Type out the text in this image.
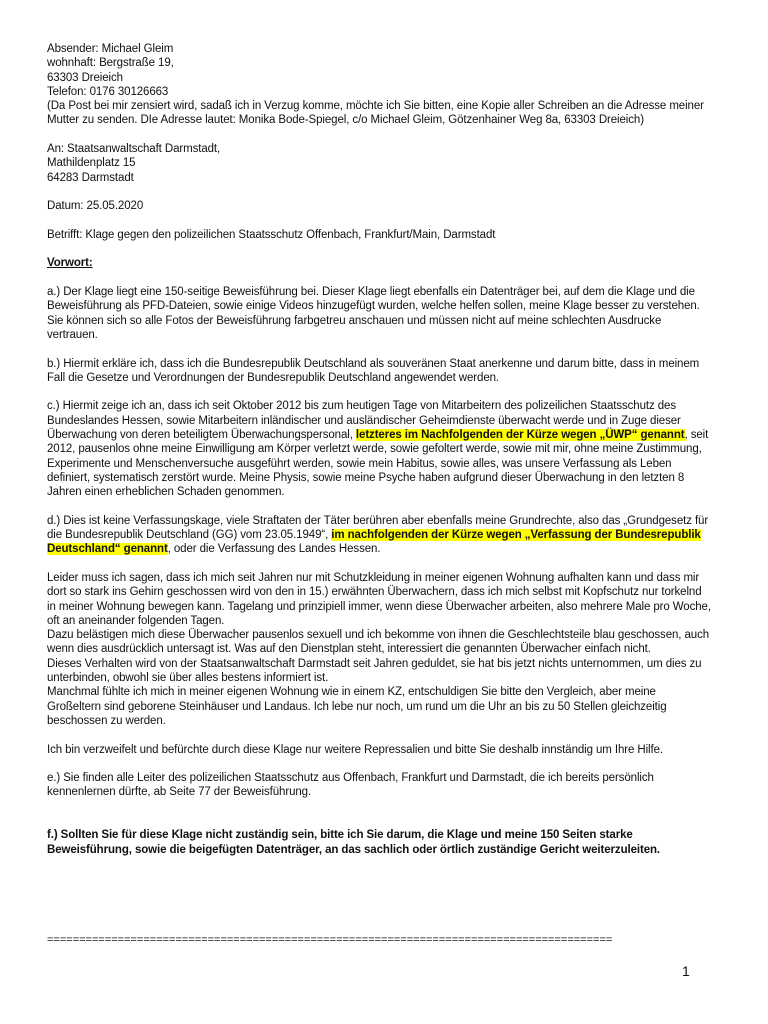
Absender: Michael Gleim

wohnhaft: Bergstraße 19,

63303 Dreieich

Telefon: 0176 30126663

(Da Post bei mir zensiert wird, sadaß ich in Verzug komme, möchte ich Sie bitten, eine Kopie aller Schreiben an die Adresse meiner Mutter zu senden. DIe Adresse lautet: Monika Bode-Spiegel, c/o Michael Gleim, Götzenhainer Weg 8a, 63303 Dreieich)

An: Staatsanwaltschaft Darmstadt,

Mathildenplatz 15

64283 Darmstadt

Datum: 25.05.2020

Betrifft: Klage gegen den polizeilichen Staatsschutz Offenbach, Frankfurt/Main, Darmstadt

Vorwort:

a.) Der Klage liegt eine 150-seitige Beweisführung bei. Dieser Klage liegt ebenfalls ein Datenträger bei, auf dem die Klage und die Beweisführung als PFD-Dateien, sowie einige Videos hinzugefügt wurden, welche helfen sollen, meine Klage besser zu verstehen. Sie können sich so alle Fotos der Beweisführung farbgetreu anschauen und müssen nicht auf meine schlechten Ausdrucke vertrauen.

b.) Hiermit erkläre ich, dass ich die Bundesrepublik Deutschland als souveränen Staat anerkenne und darum bitte, dass in meinem Fall die Gesetze und Verordnungen der Bundesrepublik Deutschland angewendet werden.

c.) Hiermit zeige ich an, dass ich seit Oktober 2012 bis zum heutigen Tage von Mitarbeitern des polizeilichen Staatsschutz des Bundeslandes Hessen, sowie Mitarbeitern inländischer und ausländischer Geheimdienste überwacht werde und in Zuge dieser Überwachung von deren beteiligtem Überwachungspersonal, letzteres im Nachfolgenden der Kürze wegen „ÜWP“ genannt, seit 2012, pausenlos ohne meine Einwilligung am Körper verletzt werde, sowie gefoltert werde, sowie mit mir, ohne meine Zustimmung, Experimente und Menschenversuche ausgeführt werden, sowie mein Habitus, sowie alles, was unsere Verfassung als Leben definiert, systematisch zerstört wurde. Meine Physis, sowie meine Psyche haben aufgrund dieser Überwachung in den letzten 8 Jahren einen erheblichen Schaden genommen.

d.) Dies ist keine Verfassungskage, viele Straftaten der Täter berühren aber ebenfalls meine Grundrechte, also das „Grundgesetz für die Bundesrepublik Deutschland (GG) vom 23.05.1949“, im nachfolgenden der Kürze wegen „Verfassung der Bundesrepublik Deutschland“ genannt, oder die Verfassung des Landes Hessen.

Leider muss ich sagen, dass ich mich seit Jahren nur mit Schutzkleidung in meiner eigenen Wohnung aufhalten kann und dass mir dort so stark ins Gehirn geschossen wird von den in 15.) erwähnten Überwachern, dass ich mich selbst mit Kopfschutz nur torkelnd in meiner Wohnung bewegen kann. Tagelang und prinzipiell immer, wenn diese Überwacher arbeiten, also mehrere Male pro Woche, oft an aneinander folgenden Tagen.

Dazu belästigen mich diese Überwacher pausenlos sexuell und ich bekomme von ihnen die Geschlechtsteile blau geschossen, auch wenn dies ausdrücklich untersagt ist. Was auf den Dienstplan steht, interessiert die genannten Überwacher einfach nicht.

Dieses Verhalten wird von der Staatsanwaltschaft Darmstadt seit Jahren geduldet, sie hat bis jetzt nichts unternommen, um dies zu unterbinden, obwohl sie über alles bestens informiert ist.

Manchmal fühlte ich mich in meiner eigenen Wohnung wie in einem KZ, entschuldigen Sie bitte den Vergleich, aber meine Großeltern sind geborene Steinhäuser und Landaus. Ich lebe nur noch, um rund um die Uhr an bis zu 50 Stellen gleichzeitig beschossen zu werden.

Ich bin verzweifelt und befürchte durch diese Klage nur weitere Repressalien und bitte Sie deshalb innständig um Ihre Hilfe.

e.) Sie finden alle Leiter des polizeilichen Staatsschutz aus Offenbach, Frankfurt und Darmstadt, die ich bereits persönlich kennenlernen dürfte, ab Seite 77 der Beweisführung.

f.) Sollten Sie für diese Klage nicht zuständig sein, bitte ich Sie darum, die Klage und meine 150 Seiten starke Beweisführung, sowie die beigefügten Datenträger, an das sachlich oder örtlich zuständige Gericht weiterzuleiten.

========================================================================================
1
